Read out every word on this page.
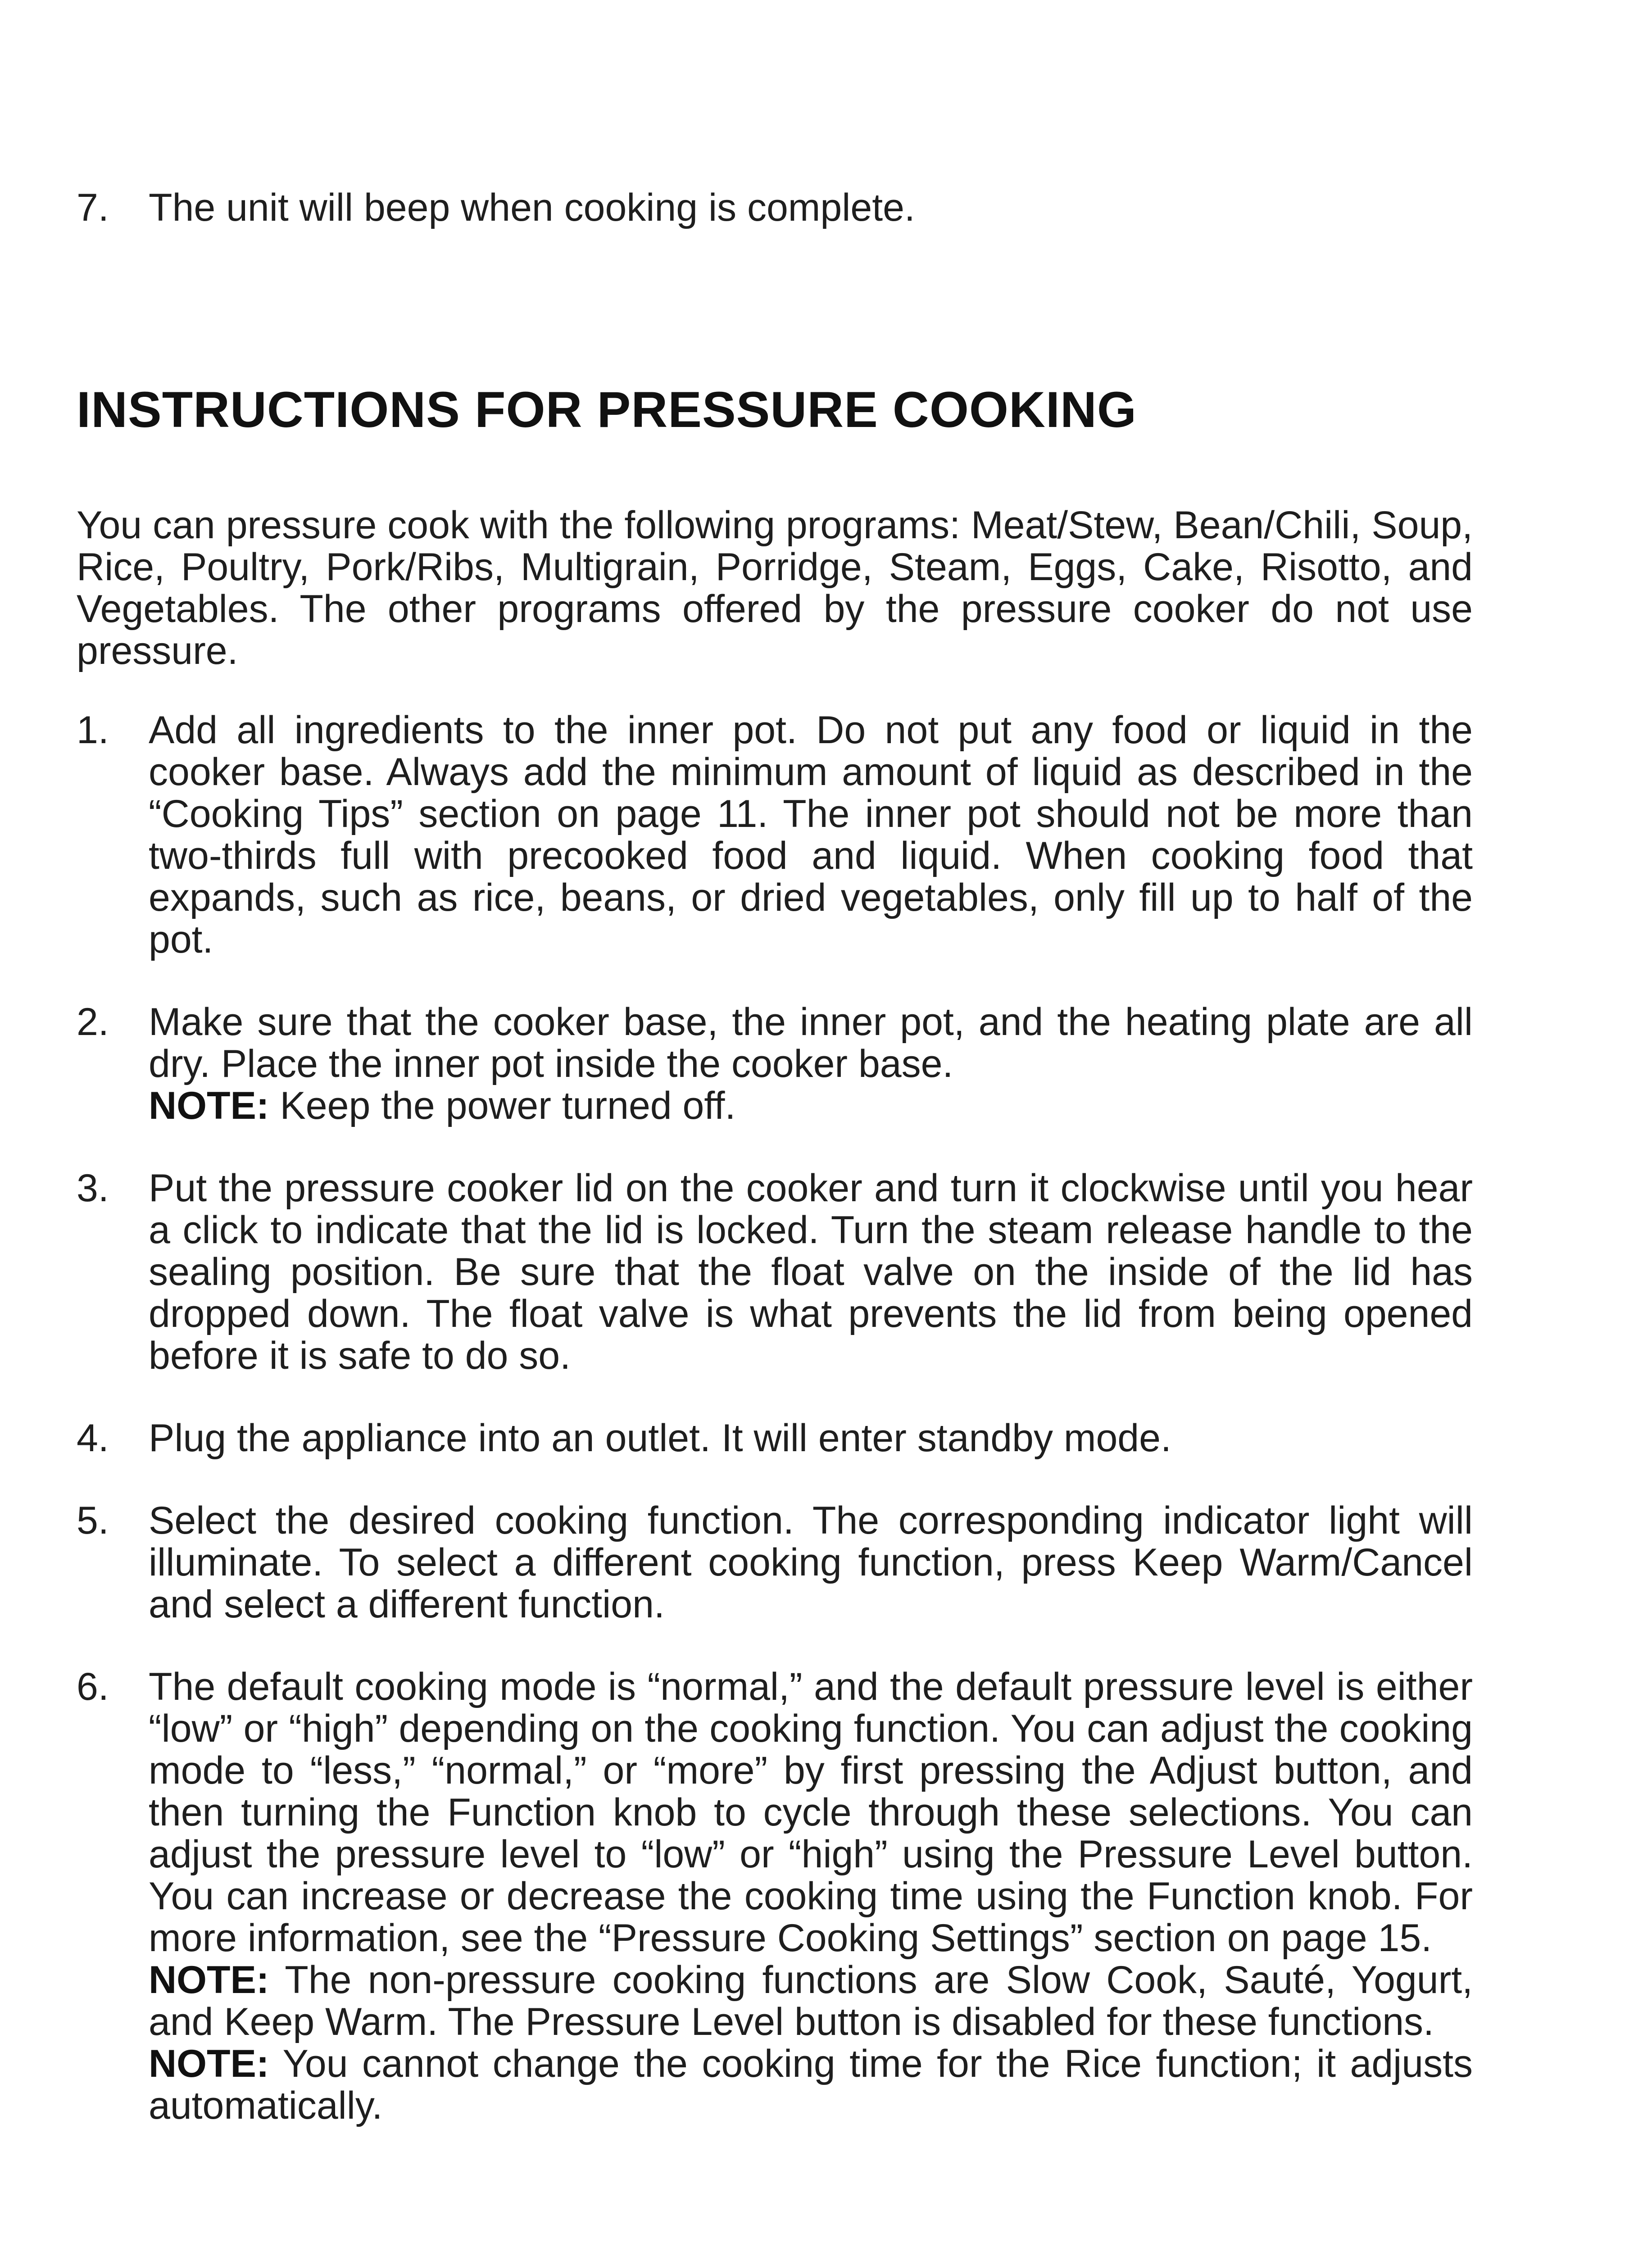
7.	The unit will beep when cooking is complete.
INSTRUCTIONS FOR PRESSURE COOKING
You can pressure cook with the following programs: Meat/Stew, Bean/Chili, Soup, Rice, Poultry, Pork/Ribs, Multigrain, Porridge, Steam, Eggs, Cake, Risotto, and Vegetables. The other programs offered by the pressure cooker do not use pressure.
1.	Add all ingredients to the inner pot. Do not put any food or liquid in the cooker base. Always add the minimum amount of liquid as described in the “Cooking Tips” section on page 11. The inner pot should not be more than two-thirds full with precooked food and liquid. When cooking food that expands, such as rice, beans, or dried vegetables, only fill up to half of the pot.
2.	Make sure that the cooker base, the inner pot, and the heating plate are all dry. Place the inner pot inside the cooker base.
NOTE: Keep the power turned off.
3.	Put the pressure cooker lid on the cooker and turn it clockwise until you hear a click to indicate that the lid is locked. Turn the steam release handle to the sealing position. Be sure that the float valve on the inside of the lid has dropped down. The float valve is what prevents the lid from being opened before it is safe to do so.
4.	Plug the appliance into an outlet. It will enter standby mode.
5.	Select the desired cooking function. The corresponding indicator light will illuminate. To select a different cooking function, press Keep Warm/Cancel and select a different function.
6.	The default cooking mode is “normal,” and the default pressure level is either “low” or “high” depending on the cooking function. You can adjust the cooking mode to “less,” “normal,” or “more” by first pressing the Adjust button, and then turning the Function knob to cycle through these selections. You can adjust the pressure level to “low” or “high” using the Pressure Level button. You can increase or decrease the cooking time using the Function knob. For more information, see the “Pressure Cooking Settings” section on page 15.
NOTE: The non-pressure cooking functions are Slow Cook, Sauté, Yogurt, and Keep Warm. The Pressure Level button is disabled for these functions.
NOTE: You cannot change the cooking time for the Rice function; it adjusts automatically.
